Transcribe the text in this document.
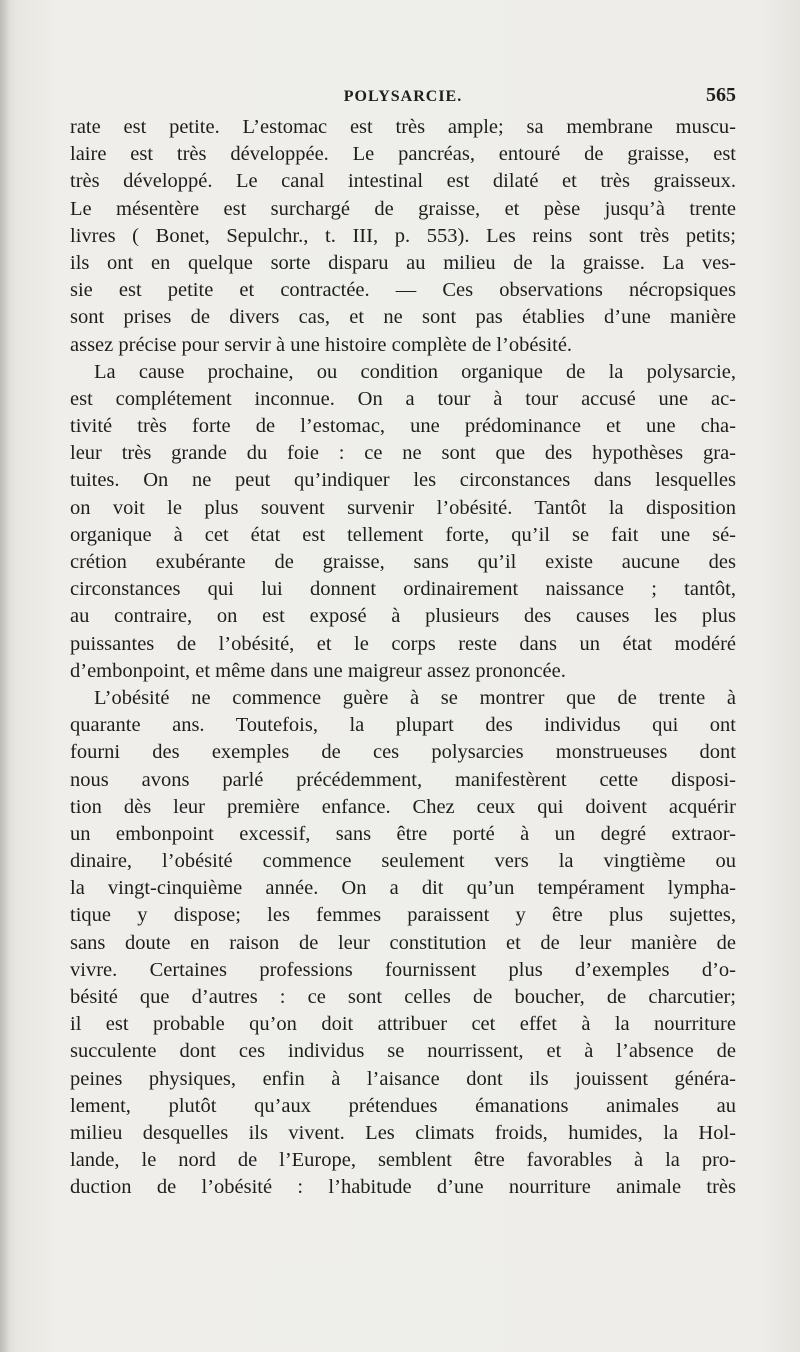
POLYSARCIE.	565
rate est petite. L’estomac est très ample; sa membrane muscu-
laire est très développée. Le pancréas, entouré de graisse, est
très développé. Le canal intestinal est dilaté et très graisseux.
Le mésentère est surchargé de graisse, et pèse jusqu’à trente
livres ( Bonet, Sepulchr., t. III, p. 553). Les reins sont très petits;
ils ont en quelque sorte disparu au milieu de la graisse. La ves-
sie est petite et contractée. — Ces observations nécropsiques
sont prises de divers cas, et ne sont pas établies d’une manière
assez précise pour servir à une histoire complète de l’obésité.
La cause prochaine, ou condition organique de la polysarcie,
est complétement inconnue. On a tour à tour accusé une ac-
tivité très forte de l’estomac, une prédominance et une cha-
leur très grande du foie : ce ne sont que des hypothèses gra-
tuites. On ne peut qu’indiquer les circonstances dans lesquelles
on voit le plus souvent survenir l’obésité. Tantôt la disposition
organique à cet état est tellement forte, qu’il se fait une sé-
crétion exubérante de graisse, sans qu’il existe aucune des
circonstances qui lui donnent ordinairement naissance ; tantôt,
au contraire, on est exposé à plusieurs des causes les plus
puissantes de l’obésité, et le corps reste dans un état modéré
d’embonpoint, et même dans une maigreur assez prononcée.
L’obésité ne commence guère à se montrer que de trente à
quarante ans. Toutefois, la plupart des individus qui ont
fourni des exemples de ces polysarcies monstrueuses dont
nous avons parlé précédemment, manifestèrent cette disposi-
tion dès leur première enfance. Chez ceux qui doivent acquérir
un embonpoint excessif, sans être porté à un degré extraor-
dinaire, l’obésité commence seulement vers la vingtième ou
la vingt-cinquième année. On a dit qu’un tempérament lympha-
tique y dispose; les femmes paraissent y être plus sujettes,
sans doute en raison de leur constitution et de leur manière de
vivre. Certaines professions fournissent plus d’exemples d’o-
bésité que d’autres : ce sont celles de boucher, de charcutier;
il est probable qu’on doit attribuer cet effet à la nourriture
succulente dont ces individus se nourrissent, et à l’absence de
peines physiques, enfin à l’aisance dont ils jouissent généra-
lement, plutôt qu’aux prétendues émanations animales au
milieu desquelles ils vivent. Les climats froids, humides, la Hol-
lande, le nord de l’Europe, semblent être favorables à la pro-
duction de l’obésité : l’habitude d’une nourriture animale très
